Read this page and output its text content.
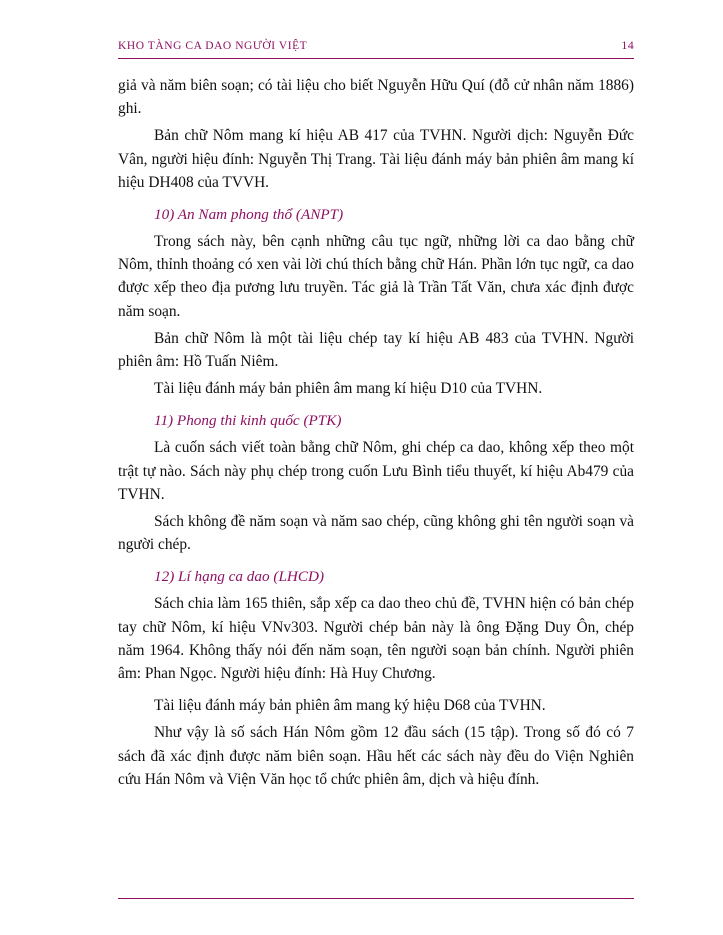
KHO TÀNG CA DAO NGƯỜI VIỆT	14

giả và năm biên soạn; có tài liệu cho biết Nguyễn Hữu Quí (đỗ cử nhân năm 1886) ghi.

Bản chữ Nôm mang kí hiệu AB 417 của TVHN. Người dịch: Nguyễn Đức Vân, người hiệu đính: Nguyễn Thị Trang. Tài liệu đánh máy bản phiên âm mang kí hiệu DH408 của TVVH.

10) An Nam phong thổ (ANPT)

Trong sách này, bên cạnh những câu tục ngữ, những lời ca dao bằng chữ Nôm, thỉnh thoảng có xen vài lời chú thích bằng chữ Hán. Phần lớn tục ngữ, ca dao được xếp theo địa pương lưu truyền. Tác giả là Trần Tất Văn, chưa xác định được năm soạn.

Bản chữ Nôm là một tài liệu chép tay kí hiệu AB 483 của TVHN. Người phiên âm: Hồ Tuấn Niêm.

Tài liệu đánh máy bản phiên âm mang kí hiệu D10 của TVHN.

11) Phong thi kinh quốc (PTK)

Là cuốn sách viết toàn bằng chữ Nôm, ghi chép ca dao, không xếp theo một trật tự nào. Sách này phụ chép trong cuốn Lưu Bình tiểu thuyết, kí hiệu Ab479 của TVHN.

Sách không đề năm soạn và năm sao chép, cũng không ghi tên người soạn và người chép.

12) Lí hạng ca dao (LHCD)

Sách chia làm 165 thiên, sắp xếp ca dao theo chủ đề, TVHN hiện có bản chép tay chữ Nôm, kí hiệu VNv303. Người chép bản này là ông Đặng Duy Ôn, chép năm 1964. Không thấy nói đến năm soạn, tên người soạn bản chính. Người phiên âm: Phan Ngọc. Người hiệu đính: Hà Huy Chương.

Tài liệu đánh máy bản phiên âm mang ký hiệu D68 của TVHN.

Như vậy là số sách Hán Nôm gồm 12 đầu sách (15 tập). Trong số đó có 7 sách đã xác định được năm biên soạn. Hầu hết các sách này đều do Viện Nghiên cứu Hán Nôm và Viện Văn học tổ chức phiên âm, dịch và hiệu đính.
